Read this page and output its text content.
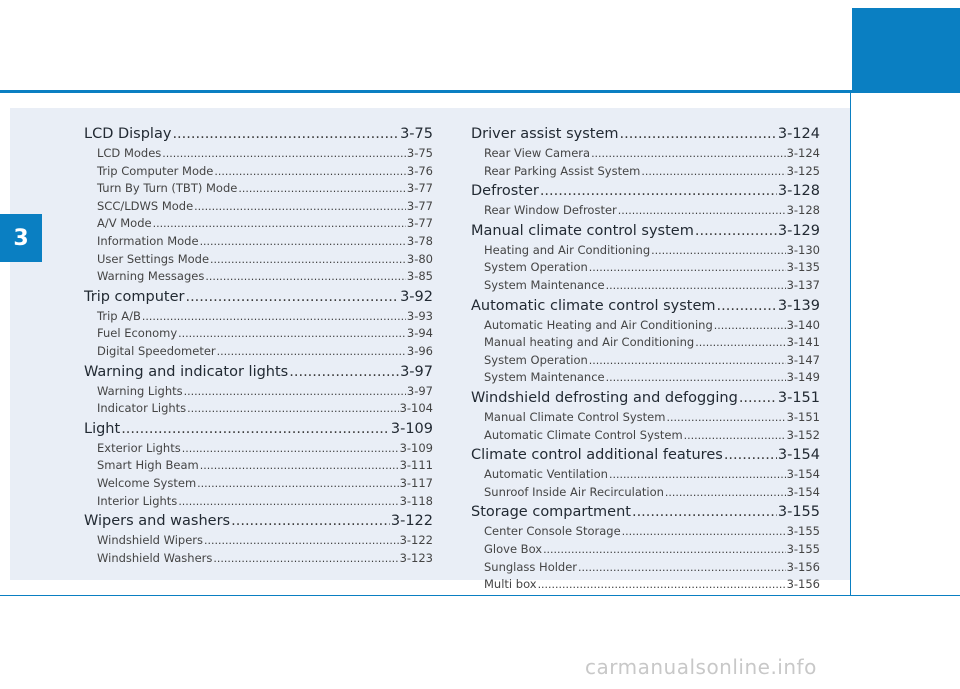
3
LCD Display .....	3-75
LCD Modes .....	3-75
Trip Computer Mode .....	3-76
Turn By Turn (TBT) Mode .....	3-77
SCC/LDWS Mode .....	3-77
A/V Mode .....	3-77
Information Mode .....	3-78
User Settings Mode .....	3-80
Warning Messages .....	3-85
Trip computer .....	3-92
Trip A/B .....	3-93
Fuel Economy .....	3-94
Digital Speedometer .....	3-96
Warning and indicator lights .....	3-97
Warning Lights .....	3-97
Indicator Lights .....	3-104
Light .....	3-109
Exterior Lights .....	3-109
Smart High Beam .....	3-111
Welcome System .....	3-117
Interior Lights .....	3-118
Wipers and washers .....	3-122
Windshield Wipers .....	3-122
Windshield Washers .....	3-123
Driver assist system .....	3-124
Rear View Camera .....	3-124
Rear Parking Assist System .....	3-125
Defroster .....	3-128
Rear Window Defroster .....	3-128
Manual climate control system .....	3-129
Heating and Air Conditioning .....	3-130
System Operation .....	3-135
System Maintenance .....	3-137
Automatic climate control system .....	3-139
Automatic Heating and Air Conditioning .....	3-140
Manual heating and Air Conditioning .....	3-141
System Operation .....	3-147
System Maintenance .....	3-149
Windshield defrosting and defogging .....	3-151
Manual Climate Control System .....	3-151
Automatic Climate Control System .....	3-152
Climate control additional features .....	3-154
Automatic Ventilation .....	3-154
Sunroof Inside Air Recirculation .....	3-154
Storage compartment .....	3-155
Center Console Storage .....	3-155
Glove Box .....	3-155
Sunglass Holder .....	3-156
Multi box .....	3-156
carmanualsonline.info
